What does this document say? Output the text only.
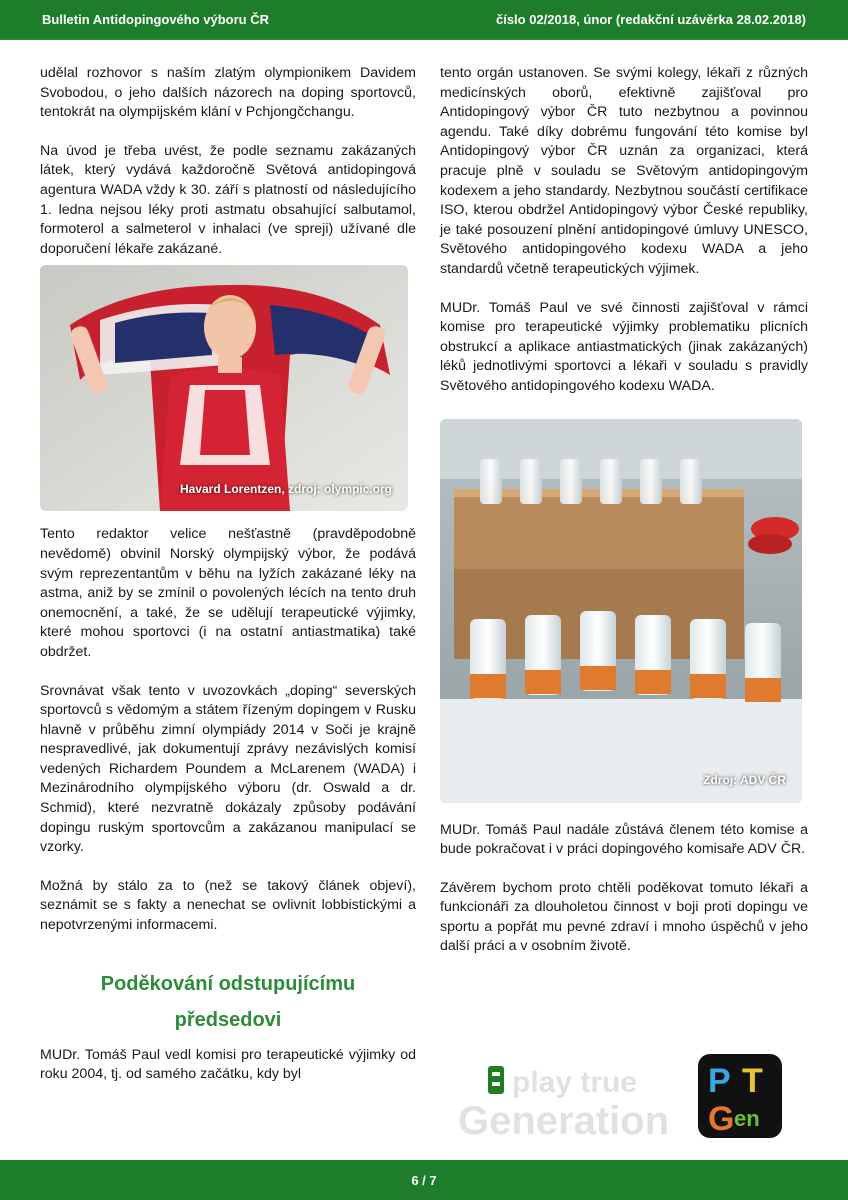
Bulletin Antidopingového výboru ČR	číslo 02/2018, únor (redakční uzávěrka 28.02.2018)

udělal rozhovor s naším zlatým olympionikem Davidem Svobodou, o jeho dalších názorech na doping sportovců, tentokrát na olympijském klání v Pchjongčchangu.

Na úvod je třeba uvést, že podle seznamu zakázaných látek, který vydává každoročně Světová antidopingová agentura WADA vždy k 30. září s platností od následujícího 1. ledna nejsou léky proti astmatu obsahující salbutamol, formoterol a salmeterol v inhalaci (ve spreji) užívané dle doporučení lékaře zakázané.

Havard Lorentzen, zdroj: olympic.org

Tento redaktor velice nešťastně (pravděpodobně nevědomě) obvinil Norský olympijský výbor, že podává svým reprezentantům v běhu na lyžích zakázané léky na astma, aniž by se zmínil o povolených lécích na tento druh onemocnění, a také, že se udělují terapeutické výjimky, které mohou sportovci (i na ostatní antiastmatika) také obdržet.

Srovnávat však tento v uvozovkách „doping“ severských sportovců s vědomým a státem řízeným dopingem v Rusku hlavně v průběhu zimní olympiády 2014 v Soči je krajně nespravedlivé, jak dokumentují zprávy nezávislých komisí vedených Richardem Poundem a McLarenem (WADA) i Mezinárodního olympijského výboru (dr. Oswald a dr. Schmid), které nezvratně dokázaly způsoby podávání dopingu ruským sportovcům a zakázanou manipulací se vzorky.

Možná by stálo za to (než se takový článek objeví), seznámit se s fakty a nenechat se ovlivnit lobbistickými a nepotvrzenými informacemi.

Poděkování odstupujícímu

předsedovi

MUDr. Tomáš Paul vedl komisi pro terapeutické výjimky od roku 2004, tj. od samého začátku, kdy byl

tento orgán ustanoven. Se svými kolegy, lékaři z různých medicínských oborů, efektivně zajišťoval pro Antidopingový výbor ČR tuto nezbytnou a povinnou agendu. Také díky dobrému fungování této komise byl Antidopingový výbor ČR uznán za organizaci, která pracuje plně v souladu se Světovým antidopingovým kodexem a jeho standardy. Nezbytnou součástí certifikace ISO, kterou obdržel Antidopingový výbor České republiky, je také posouzení plnění antidopingové úmluvy UNESCO, Světového antidopingového kodexu WADA a jeho standardů včetně terapeutických výjimek.

MUDr. Tomáš Paul ve své činnosti zajišťoval v rámci komise pro terapeutické výjimky problematiku plicních obstrukcí a aplikace antiastmatických (jinak zakázaných) léků jednotlivými sportovci a lékaři v souladu s pravidly Světového antidopingového kodexu WADA.

Zdroj: ADV ČR

MUDr. Tomáš Paul nadále zůstává členem této komise a bude pokračovat i v práci dopingového komisaře ADV ČR.

Závěrem bychom proto chtěli poděkovat tomuto lékaři a funkcionáři za dlouholetou činnost v boji proti dopingu ve sportu a popřát mu pevné zdraví i mnoho úspěchů v jeho další práci a v osobním životě.

play true
Generation
P T
G en
6 / 7
